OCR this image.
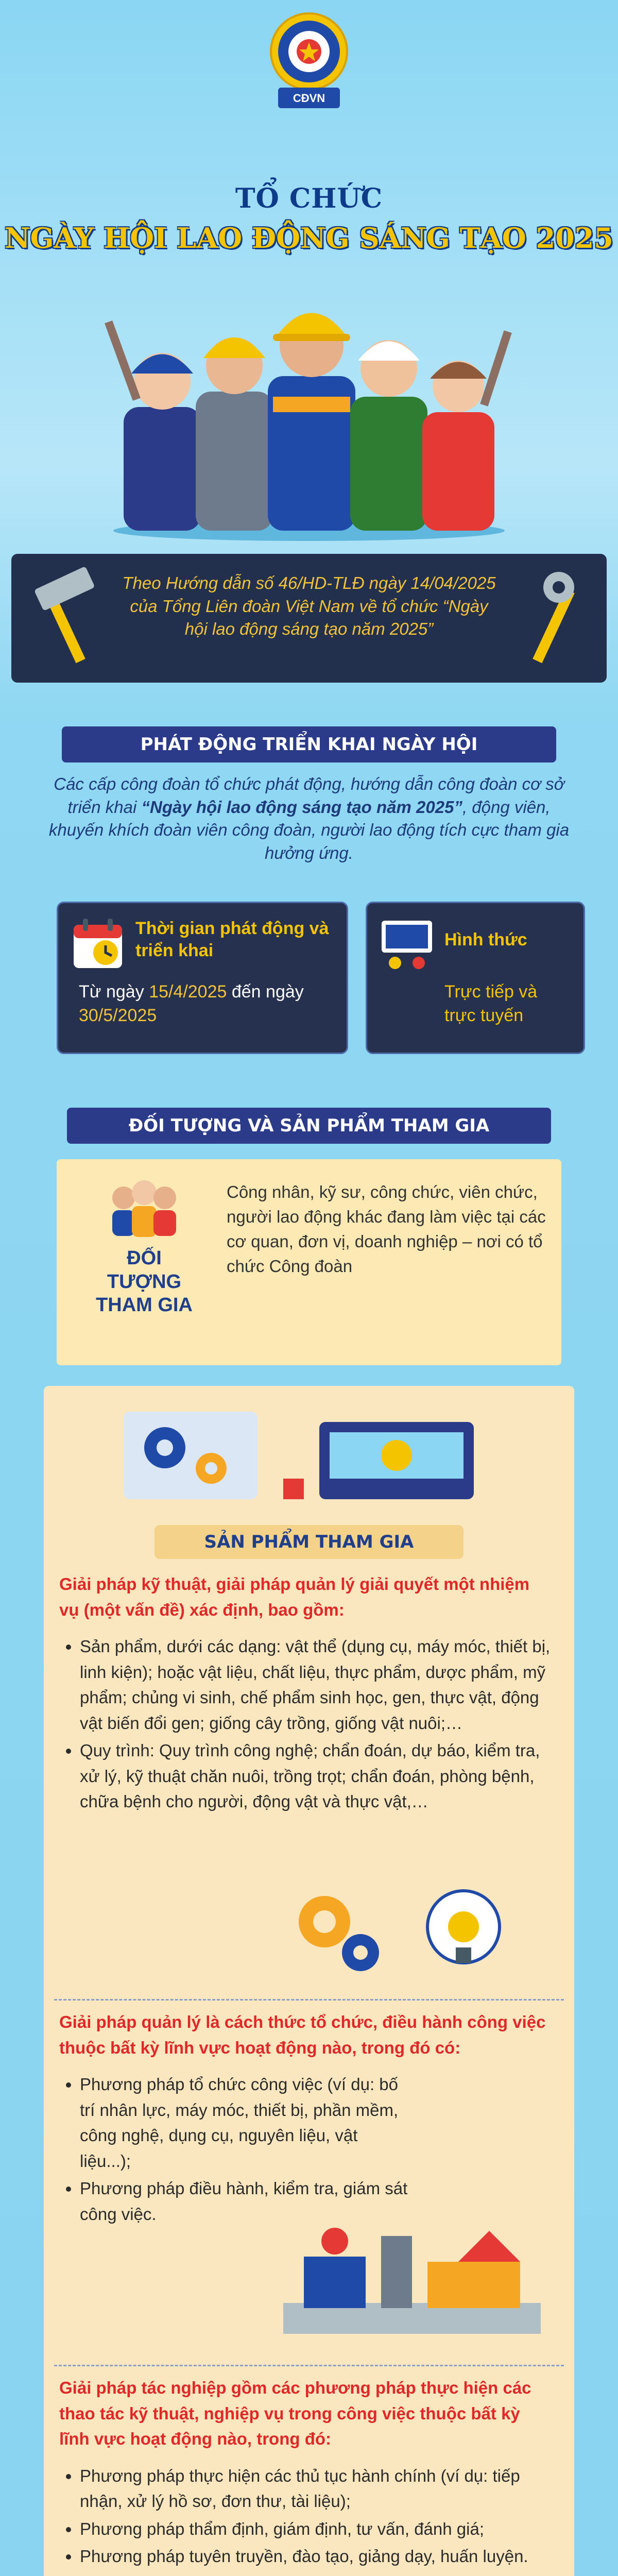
CĐVN
TỔ CHỨC
NGÀY HỘI LAO ĐỘNG SÁNG TẠO 2025
Theo Hướng dẫn số 46/HD-TLĐ ngày 14/04/2025 của Tổng Liên đoàn Việt Nam về tổ chức “Ngày hội lao động sáng tạo năm 2025”
PHÁT ĐỘNG TRIỂN KHAI NGÀY HỘI
Các cấp công đoàn tổ chức phát động, hướng dẫn công đoàn cơ sở triển khai “Ngày hội lao động sáng tạo năm 2025”, động viên, khuyến khích đoàn viên công đoàn, người lao động tích cực tham gia hưởng ứng.
Thời gian phát động và triển khai
Từ ngày 15/4/2025 đến ngày 30/5/2025
Hình thức
Trực tiếp và trực tuyến
ĐỐI TƯỢNG VÀ SẢN PHẨM THAM GIA
ĐỐI TƯỢNG THAM GIA
Công nhân, kỹ sư, công chức, viên chức, người lao động khác đang làm việc tại các cơ quan, đơn vị, doanh nghiệp – nơi có tổ chức Công đoàn
SẢN PHẨM THAM GIA
Giải pháp kỹ thuật, giải pháp quản lý giải quyết một nhiệm vụ (một vấn đề) xác định, bao gồm:
• Sản phẩm, dưới các dạng: vật thể (dụng cụ, máy móc, thiết bị, linh kiện); hoặc vật liệu, chất liệu, thực phẩm, dược phẩm, mỹ phẩm; chủng vi sinh, chế phẩm sinh học, gen, thực vật, động vật biến đổi gen; giống cây trồng, giống vật nuôi;…
• Quy trình: Quy trình công nghệ; chẩn đoán, dự báo, kiểm tra, xử lý, kỹ thuật chăn nuôi, trồng trọt; chẩn đoán, phòng bệnh, chữa bệnh cho người, động vật và thực vật,…
Giải pháp quản lý là cách thức tổ chức, điều hành công việc thuộc bất kỳ lĩnh vực hoạt động nào, trong đó có:
• Phương pháp tổ chức công việc (ví dụ: bố trí nhân lực, máy móc, thiết bị, phần mềm, công nghệ, dụng cụ, nguyên liệu, vật liệu...);
• Phương pháp điều hành, kiểm tra, giám sát công việc.
Giải pháp tác nghiệp gồm các phương pháp thực hiện các thao tác kỹ thuật, nghiệp vụ trong công việc thuộc bất kỳ lĩnh vực hoạt động nào, trong đó:
• Phương pháp thực hiện các thủ tục hành chính (ví dụ: tiếp nhận, xử lý hồ sơ, đơn thư, tài liệu);
• Phương pháp thẩm định, giám định, tư vấn, đánh giá;
• Phương pháp tuyên truyền, đào tạo, giảng dạy, huấn luyện.
